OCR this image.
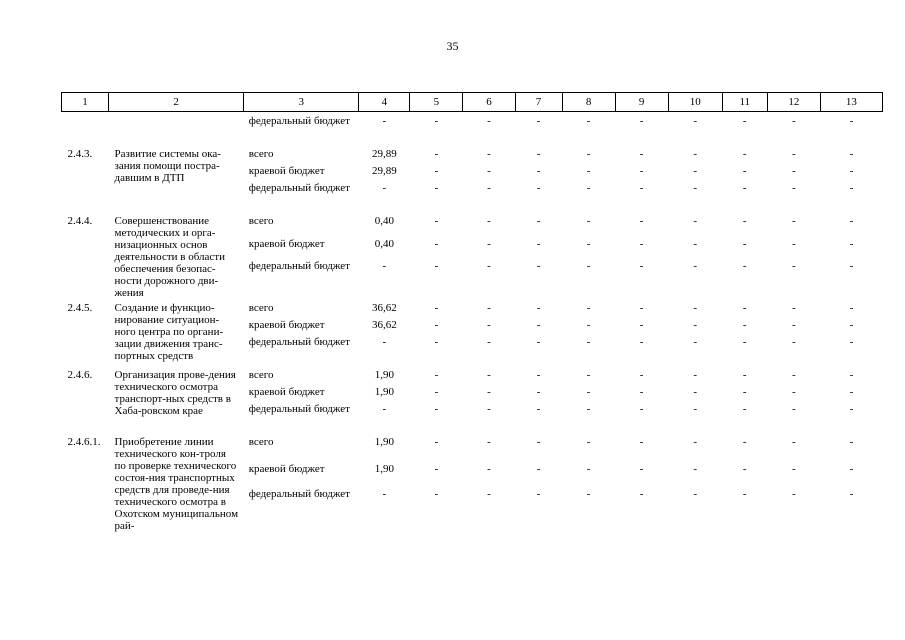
35
1	2	3	4	5	6	7	8	9	10	11	12	13
		федеральный бюджет	-	-	-	-	-	-	-	-	-	-
2.4.3.	Развитие системы ока-зания помощи постра-давшим в ДТП	всего	29,89	-	-	-	-	-	-	-	-	-
		краевой бюджет	29,89	-	-	-	-	-	-	-	-	-
		федеральный бюджет	-	-	-	-	-	-	-	-	-	-
2.4.4.	Совершенствование методических и орга-низационных основ деятельности в области обеспечения безопас-ности дорожного дви-жения	всего	0,40	-	-	-	-	-	-	-	-	-
		краевой бюджет	0,40	-	-	-	-	-	-	-	-	-
		федеральный бюджет	-	-	-	-	-	-	-	-	-	-
2.4.5.	Создание и функцио-нирование ситуацион-ного центра по органи-зации движения транс-портных средств	всего	36,62	-	-	-	-	-	-	-	-	-
		краевой бюджет	36,62	-	-	-	-	-	-	-	-	-
		федеральный бюджет	-	-	-	-	-	-	-	-	-	-
2.4.6.	Организация прове-дения технического осмотра транспорт-ных средств в Хаба-ровском крае	всего	1,90	-	-	-	-	-	-	-	-	-
		краевой бюджет	1,90	-	-	-	-	-	-	-	-	-
		федеральный бюджет	-	-	-	-	-	-	-	-	-	-
2.4.6.1.	Приобретение линии технического кон-троля по проверке технического состоя-ния транспортных средств для проведе-ния технического осмотра в Охотском муниципальном рай-	всего	1,90	-	-	-	-	-	-	-	-	-
		краевой бюджет	1,90	-	-	-	-	-	-	-	-	-
		федеральный бюджет	-	-	-	-	-	-	-	-	-	-
